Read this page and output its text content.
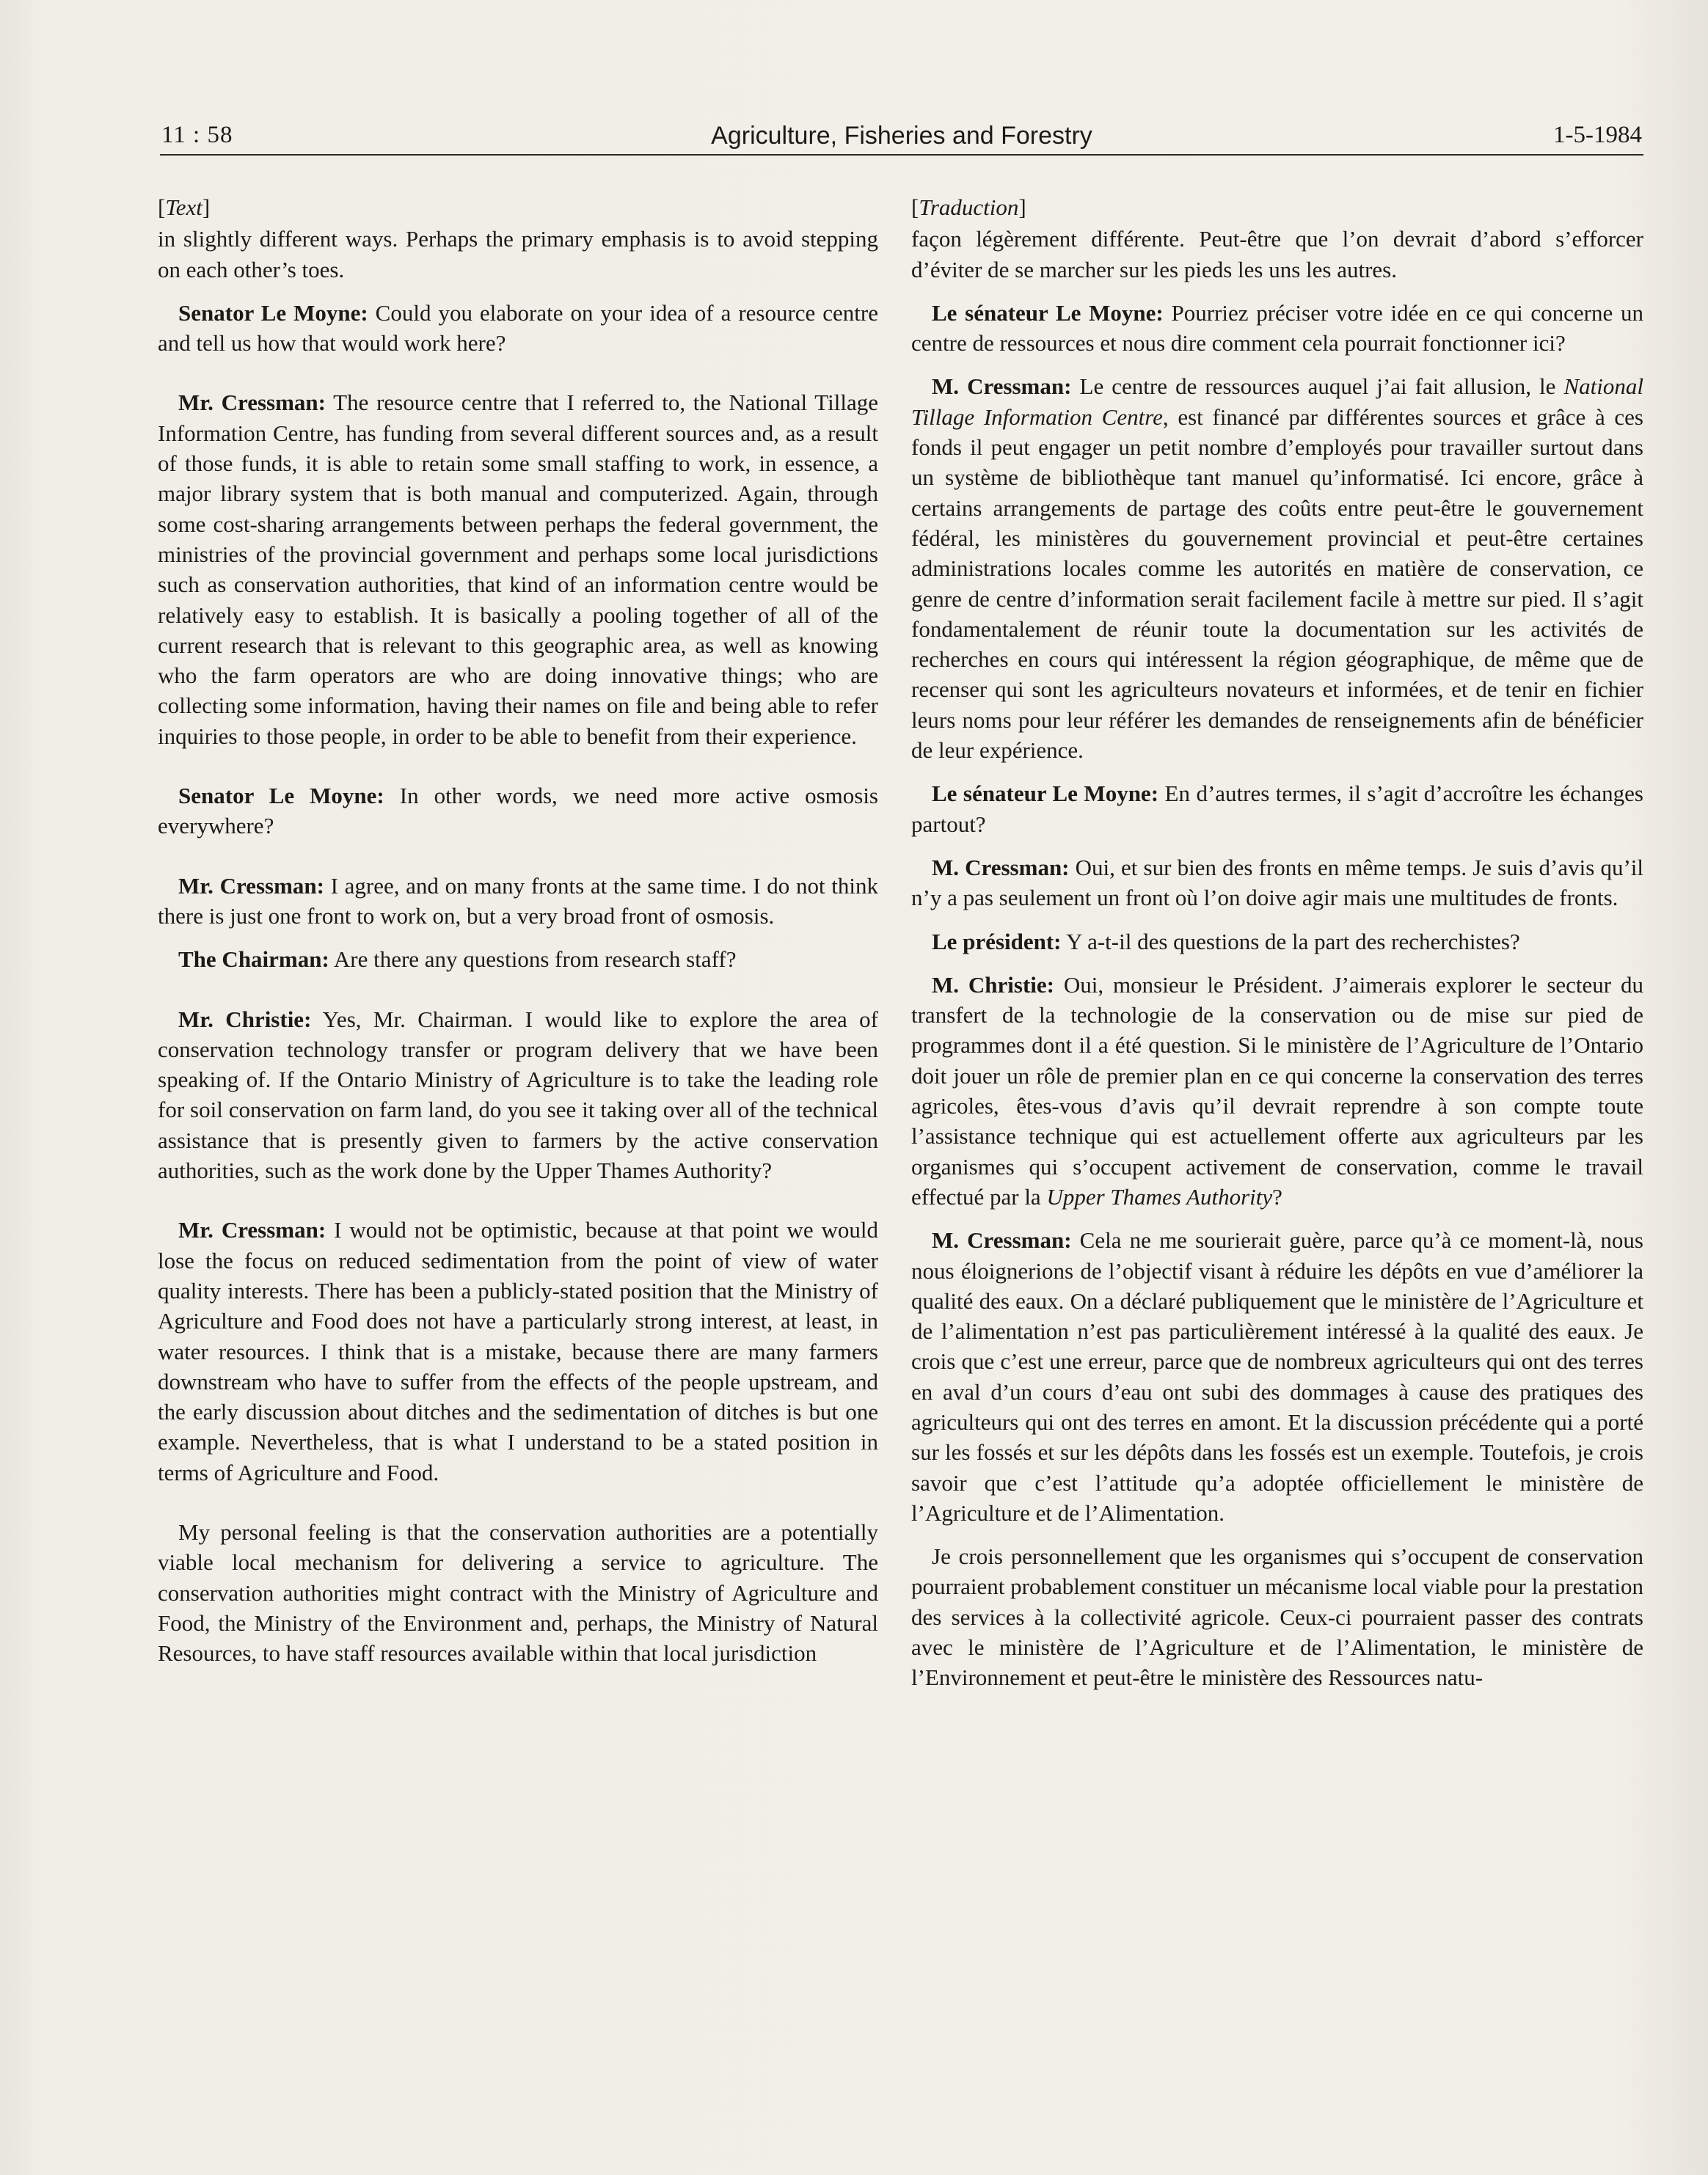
11 : 58	Agriculture, Fisheries and Forestry	1-5-1984
[Text]

in slightly different ways. Perhaps the primary emphasis is to avoid stepping on each other’s toes.

Senator Le Moyne: Could you elaborate on your idea of a resource centre and tell us how that would work here?

Mr. Cressman: The resource centre that I referred to, the National Tillage Information Centre, has funding from several different sources and, as a result of those funds, it is able to retain some small staffing to work, in essence, a major library system that is both manual and computerized. Again, through some cost-sharing arrangements between perhaps the federal government, the ministries of the provincial government and perhaps some local jurisdictions such as conservation authorities, that kind of an information centre would be relatively easy to establish. It is basically a pooling together of all of the current research that is relevant to this geographic area, as well as knowing who the farm operators are who are doing innovative things; who are collecting some information, having their names on file and being able to refer inquiries to those people, in order to be able to benefit from their experience.

Senator Le Moyne: In other words, we need more active osmosis everywhere?

Mr. Cressman: I agree, and on many fronts at the same time. I do not think there is just one front to work on, but a very broad front of osmosis.

The Chairman: Are there any questions from research staff?

Mr. Christie: Yes, Mr. Chairman. I would like to explore the area of conservation technology transfer or program delivery that we have been speaking of. If the Ontario Ministry of Agriculture is to take the leading role for soil conservation on farm land, do you see it taking over all of the technical assistance that is presently given to farmers by the active conservation authorities, such as the work done by the Upper Thames Authority?

Mr. Cressman: I would not be optimistic, because at that point we would lose the focus on reduced sedimentation from the point of view of water quality interests. There has been a publicly-stated position that the Ministry of Agriculture and Food does not have a particularly strong interest, at least, in water resources. I think that is a mistake, because there are many farmers downstream who have to suffer from the effects of the people upstream, and the early discussion about ditches and the sedimentation of ditches is but one example. Nevertheless, that is what I understand to be a stated position in terms of Agriculture and Food.

My personal feeling is that the conservation authorities are a potentially viable local mechanism for delivering a service to agriculture. The conservation authorities might contract with the Ministry of Agriculture and Food, the Ministry of the Environment and, perhaps, the Ministry of Natural Resources, to have staff resources available within that local jurisdiction

[Traduction]

façon légèrement différente. Peut-être que l’on devrait d’abord s’efforcer d’éviter de se marcher sur les pieds les uns les autres.

Le sénateur Le Moyne: Pourriez préciser votre idée en ce qui concerne un centre de ressources et nous dire comment cela pourrait fonctionner ici?

M. Cressman: Le centre de ressources auquel j’ai fait allusion, le National Tillage Information Centre, est financé par différentes sources et grâce à ces fonds il peut engager un petit nombre d’employés pour travailler surtout dans un système de bibliothèque tant manuel qu’informatisé. Ici encore, grâce à certains arrangements de partage des coûts entre peut-être le gouvernement fédéral, les ministères du gouvernement provincial et peut-être certaines administrations locales comme les autorités en matière de conservation, ce genre de centre d’information serait facilement facile à mettre sur pied. Il s’agit fondamentalement de réunir toute la documentation sur les activités de recherches en cours qui intéressent la région géographique, de même que de recenser qui sont les agriculteurs novateurs et informées, et de tenir en fichier leurs noms pour leur référer les demandes de renseignements afin de bénéficier de leur expérience.

Le sénateur Le Moyne: En d’autres termes, il s’agit d’accroître les échanges partout?

M. Cressman: Oui, et sur bien des fronts en même temps. Je suis d’avis qu’il n’y a pas seulement un front où l’on doive agir mais une multitudes de fronts.

Le président: Y a-t-il des questions de la part des recherchistes?

M. Christie: Oui, monsieur le Président. J’aimerais explorer le secteur du transfert de la technologie de la conservation ou de mise sur pied de programmes dont il a été question. Si le ministère de l’Agriculture de l’Ontario doit jouer un rôle de premier plan en ce qui concerne la conservation des terres agricoles, êtes-vous d’avis qu’il devrait reprendre à son compte toute l’assistance technique qui est actuellement offerte aux agriculteurs par les organismes qui s’occupent activement de conservation, comme le travail effectué par la Upper Thames Authority?

M. Cressman: Cela ne me sourierait guère, parce qu’à ce moment-là, nous nous éloignerions de l’objectif visant à réduire les dépôts en vue d’améliorer la qualité des eaux. On a déclaré publiquement que le ministère de l’Agriculture et de l’alimentation n’est pas particulièrement intéressé à la qualité des eaux. Je crois que c’est une erreur, parce que de nombreux agriculteurs qui ont des terres en aval d’un cours d’eau ont subi des dommages à cause des pratiques des agriculteurs qui ont des terres en amont. Et la discussion précédente qui a porté sur les fossés et sur les dépôts dans les fossés est un exemple. Toutefois, je crois savoir que c’est l’attitude qu’a adoptée officiellement le ministère de l’Agriculture et de l’Alimentation.

Je crois personnellement que les organismes qui s’occupent de conservation pourraient probablement constituer un mécanisme local viable pour la prestation des services à la collectivité agricole. Ceux-ci pourraient passer des contrats avec le ministère de l’Agriculture et de l’Alimentation, le ministère de l’Environnement et peut-être le ministère des Ressources natu-
